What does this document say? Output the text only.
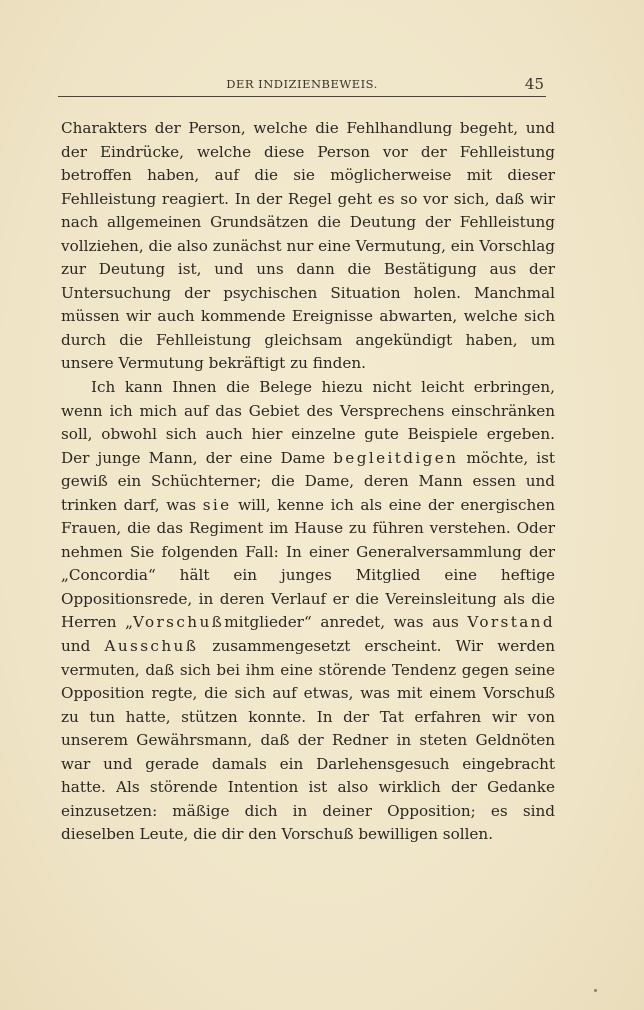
DER INDIZIENBEWEIS.	45

Charakters der Person, welche die Fehlhandlung begeht, und der Eindrücke, welche diese Person vor der Fehlleistung betroffen haben, auf die sie möglicherweise mit dieser Fehlleistung reagiert. In der Regel geht es so vor sich, daß wir nach allgemeinen Grundsätzen die Deutung der Fehlleistung vollziehen, die also zunächst nur eine Vermutung, ein Vorschlag zur Deutung ist, und uns dann die Bestätigung aus der Untersuchung der psychischen Situation holen. Manchmal müssen wir auch kommende Ereignisse abwarten, welche sich durch die Fehlleistung gleichsam angekündigt haben, um unsere Vermutung bekräftigt zu finden.

Ich kann Ihnen die Belege hiezu nicht leicht erbringen, wenn ich mich auf das Gebiet des Versprechens einschränken soll, obwohl sich auch hier einzelne gute Beispiele ergeben. Der junge Mann, der eine Dame begleitdigen möchte, ist gewiß ein Schüchterner; die Dame, deren Mann essen und trinken darf, was sie will, kenne ich als eine der energischen Frauen, die das Regiment im Hause zu führen verstehen. Oder nehmen Sie folgenden Fall: In einer Generalversammlung der „Concordia“ hält ein junges Mitglied eine heftige Oppositionsrede, in deren Verlauf er die Vereinsleitung als die Herren „Vorschußmitglieder“ anredet, was aus Vorstand und Ausschuß zusammengesetzt erscheint. Wir werden vermuten, daß sich bei ihm eine störende Tendenz gegen seine Opposition regte, die sich auf etwas, was mit einem Vorschuß zu tun hatte, stützen konnte. In der Tat erfahren wir von unserem Gewährsmann, daß der Redner in steten Geldnöten war und gerade damals ein Darlehensgesuch eingebracht hatte. Als störende Intention ist also wirklich der Gedanke einzusetzen: mäßige dich in deiner Opposition; es sind dieselben Leute, die dir den Vorschuß bewilligen sollen.
